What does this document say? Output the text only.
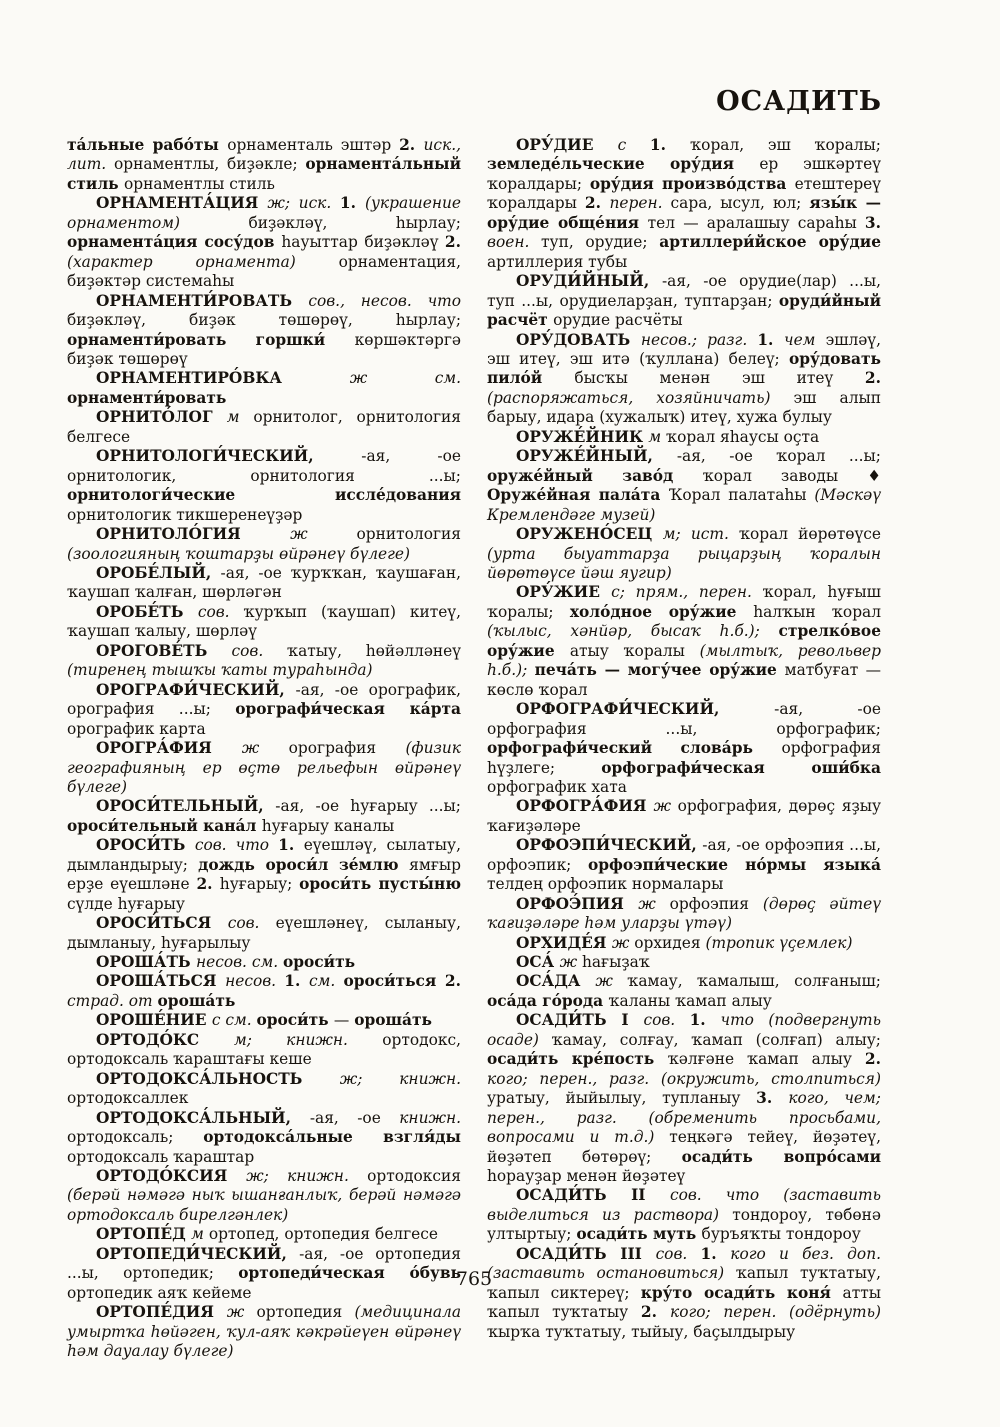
ОСАДИТЬ

та́льные рабо́ты орнаменталь эштәр 2. иск., лит. орнаментлы, биҙәкле; орнамента́льный стиль орнаментлы стиль

ОРНАМЕНТА́ЦИЯ ж; иск. 1. (украшение орнаментом) биҙәкләү, һырлау; орнамента́ция сосу́дов һауыттар биҙәкләү 2. (характер орнамента) орнаментация, биҙәктәр системаһы

ОРНАМЕНТИ́РОВАТЬ сов., несов. что биҙәкләү, биҙәк төшөрөү, һырлау; орнаменти́ровать горшки́ көршәктәргә биҙәк төшөрөү

ОРНАМЕНТИРО́ВКА ж см. орнаменти́ровать

ОРНИТО́ЛОГ м орнитолог, орнитология белгесе

ОРНИТОЛОГИ́ЧЕСКИЙ, -ая, -ое орнитологик, орнитология ...ы; орнитологи́ческие иссле́дования орнитологик тикшеренеүҙәр

ОРНИТОЛО́ГИЯ ж орнитология (зоологияның ҡоштарҙы өйрәнеү бүлеге)

ОРОБЕ́ЛЫЙ, -ая, -ое ҡурҡҡан, ҡаушаған, ҡаушап ҡалған, шөрләгән

ОРОБЕ́ТЬ сов. ҡурҡып (ҡаушап) китеү, ҡаушап ҡалыу, шөрләү

ОРОГОВЕ́ТЬ сов. ҡатыу, һөйәлләнеү (тиренең тышҡы ҡаты тураһында)

ОРОГРАФИ́ЧЕСКИЙ, -ая, -ое орографик, орография ...ы; орографи́ческая ка́рта орографик карта

ОРОГРА́ФИЯ ж орография (физик географияның ер өҫтө рельефын өйрәнеү бүлеге)

ОРОСИ́ТЕЛЬНЫЙ, -ая, -ое һуғарыу ...ы; ороси́тельный кана́л һуғарыу каналы

ОРОСИ́ТЬ сов. что 1. еүешләү, сылатыу, дымландырыу; дождь ороси́л зе́млю ямғыр ерҙе еүешләне 2. һуғарыу; ороси́ть пусты́ню сүлде һуғарыу

ОРОСИ́ТЬСЯ сов. еүешләнеү, сыланыу, дымланыу, һуғарылыу

ОРОША́ТЬ несов. см. ороси́ть

ОРОША́ТЬСЯ несов. 1. см. ороси́ться 2. страд. от ороша́ть

ОРОШЕ́НИЕ с см. ороси́ть — ороша́ть

ОРТОДО́КС м; книжн. ортодокс, ортодоксаль ҡараштағы кеше

ОРТОДОКСА́ЛЬНОСТЬ ж; книжн. ортодоксаллек

ОРТОДОКСА́ЛЬНЫЙ, -ая, -ое книжн. ортодоксаль; ортодокса́льные взгля́ды ортодоксаль ҡараштар

ОРТОДО́КСИЯ ж; книжн. ортодоксия (берәй нәмәгә ныҡ ышанғанлыҡ, берәй нәмәгә ортодоксаль бирелгәнлек)

ОРТОПЕ́Д м ортопед, ортопедия белгесе

ОРТОПЕДИ́ЧЕСКИЙ, -ая, -ое ортопедия ...ы, ортопедик; ортопеди́ческая о́бувь ортопедик аяҡ кейеме

ОРТОПЕ́ДИЯ ж ортопедия (медицинала умыртҡа һөйәген, ҡул-аяҡ кәкрәйеүен өйрәнеү һәм дауалау бүлеге)

ОРУ́ДИЕ с 1. ҡорал, эш ҡоралы; земледе́льческие ору́дия ер эшкәртеү ҡоралдары; ору́дия произво́дства етештереү ҡоралдары 2. перен. сара, ысул, юл; язы́к — ору́дие обще́ния тел — аралашыу сараһы 3. воен. туп, орудие; артиллери́йское ору́дие артиллерия тубы

ОРУДИ́ЙНЫЙ, -ая, -ое орудие(лар) ...ы, туп ...ы, орудиеларҙан, туптарҙан; оруди́йный расчёт орудие расчёты

ОРУ́ДОВАТЬ несов.; разг. 1. чем эшләү, эш итеү, эш итә (ҡуллана) белеү; ору́довать пило́й бысҡы менән эш итеү 2. (распоряжаться, хозяйничать) эш алып барыу, идара (хужалыҡ) итеү, хужа булыу

ОРУЖЕ́ЙНИК м ҡорал яһаусы оҫта

ОРУЖЕ́ЙНЫЙ, -ая, -ое ҡорал ...ы; оруже́йный заво́д ҡорал заводы ♦ Оруже́йная пала́та Ҡорал палатаһы (Мәскәү Кремлендәге музей)

ОРУЖЕНО́СЕЦ м; ист. ҡорал йөрөтөүсе (урта быуаттарҙа рыцарҙың ҡоралын йөрөтөүсе йәш яугир)

ОРУ́ЖИЕ с; прям., перен. ҡорал, һуғыш ҡоралы; холо́дное ору́жие һалҡын ҡорал (ҡылыс, хәнйәр, бысаҡ һ.б.); стрелко́вое ору́жие атыу ҡоралы (мылтыҡ, револьвер һ.б.); печа́ть — могу́чее ору́жие матбуғат — көслө ҡорал

ОРФОГРАФИ́ЧЕСКИЙ, -ая, -ое орфография ...ы, орфографик; орфографи́ческий слова́рь орфография һүҙлеге; орфографи́ческая оши́бка орфографик хата

ОРФОГРА́ФИЯ ж орфография, дөрөҫ яҙыу ҡағиҙәләре

ОРФОЭПИ́ЧЕСКИЙ, -ая, -ое орфоэпия ...ы, орфоэпик; орфоэпи́ческие но́рмы языка́ телдең орфоэпик нормалары

ОРФОЭ́ПИЯ ж орфоэпия (дөрөҫ әйтеү ҡағиҙәләре һәм уларҙы үтәү)

ОРХИДЕ́Я ж орхидея (тропик үҫемлек)

ОСА́ ж һағыҙаҡ

ОСА́ДА ж ҡамау, ҡамалыш, солғаныш; оса́да го́рода ҡаланы ҡамап алыу

ОСАДИ́ТЬ I сов. 1. что (подвергнуть осаде) ҡамау, солғау, ҡамап (солғап) алыу; осади́ть кре́пость ҡәлғәне ҡамап алыу 2. кого; перен., разг. (окружить, столпиться) уратыу, йыйылыу, тупланыу 3. кого, чем; перен., разг. (обременить просьбами, вопросами и т.д.) теңкәгә тейеү, йөҙәтеү, йөҙәтеп бөтөрөү; осади́ть вопро́сами һорауҙар менән йөҙәтеү

ОСАДИ́ТЬ II сов. что (заставить выделиться из раствора) тондороу, төбөнә ултыртыу; осади́ть муть буръяҡты тондороу

ОСАДИ́ТЬ III сов. 1. кого и без. доп. (заставить остановиться) ҡапыл туҡтатыу, ҡапыл сиктереү; кру́то осади́ть коня́ атты ҡапыл туҡтатыу 2. кого; перен. (одёрнуть) ҡырҡа туҡтатыу, тыйыу, баҫылдырыу

765
